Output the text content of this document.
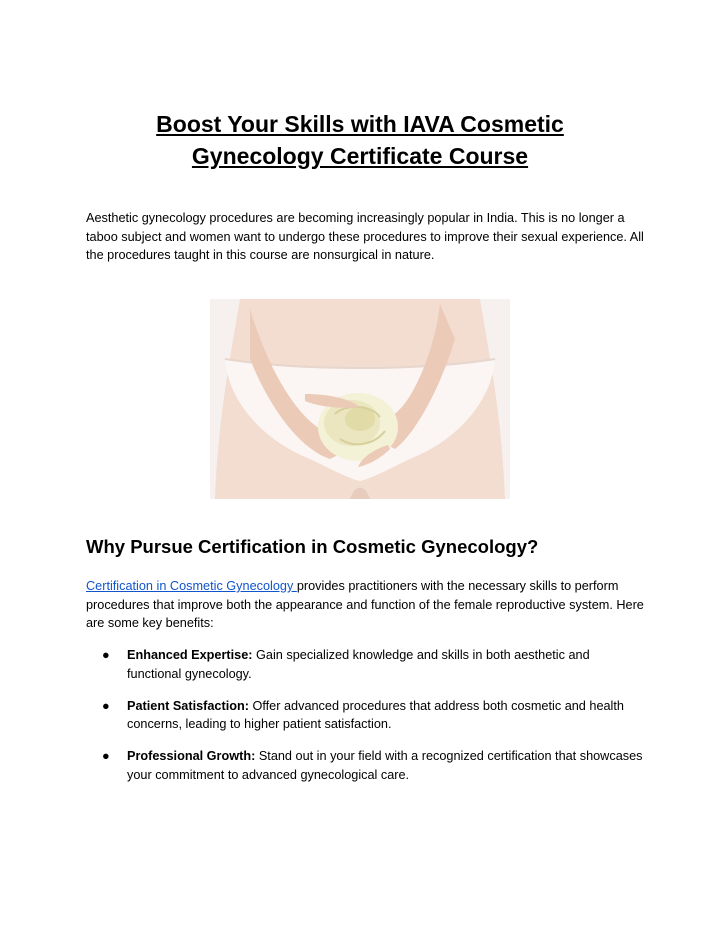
Boost Your Skills with IAVA Cosmetic
Gynecology Certificate Course
Aesthetic gynecology procedures are becoming increasingly popular in India. This is no longer a taboo subject and women want to undergo these procedures to improve their sexual experience. All the procedures taught in this course are nonsurgical in nature.
Why Pursue Certification in Cosmetic Gynecology?
Certification in Cosmetic Gynecology provides practitioners with the necessary skills to perform procedures that improve both the appearance and function of the female reproductive system. Here are some key benefits:
● Enhanced Expertise: Gain specialized knowledge and skills in both aesthetic and functional gynecology.
● Patient Satisfaction: Offer advanced procedures that address both cosmetic and health concerns, leading to higher patient satisfaction.
● Professional Growth: Stand out in your field with a recognized certification that showcases your commitment to advanced gynecological care.
